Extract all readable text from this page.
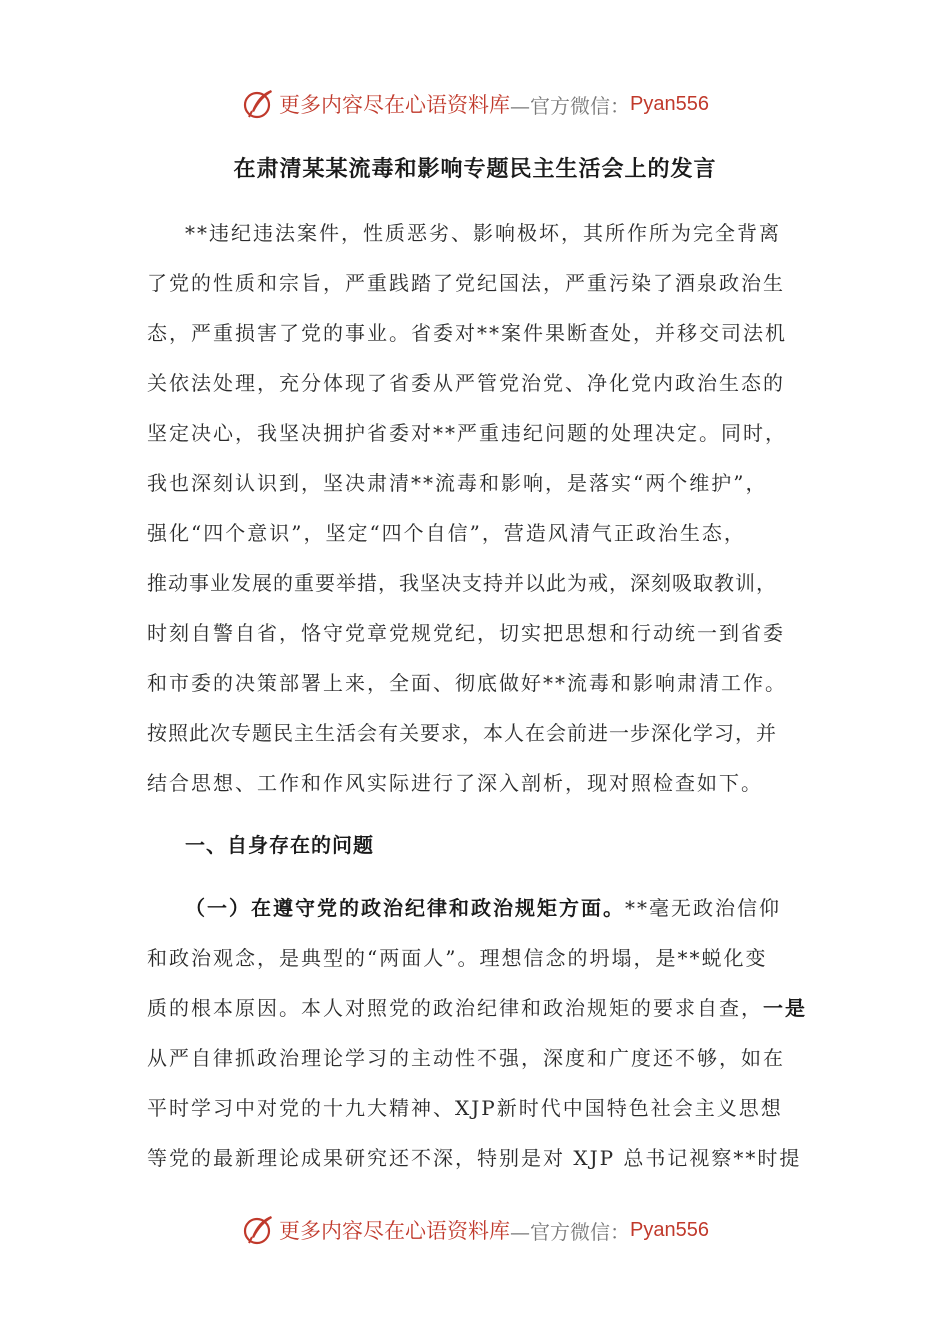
更多内容尽在心语资料库 —官方微信： Pyan556
在肃清某某流毒和影响专题民主生活会上的发言
**违纪违法案件，性质恶劣、影响极坏，其所作所为完全背离
了党的性质和宗旨，严重践踏了党纪国法，严重污染了酒泉政治生
态，严重损害了党的事业。省委对**案件果断查处，并移交司法机
关依法处理，充分体现了省委从严管党治党、净化党内政治生态的
坚定决心，我坚决拥护省委对**严重违纪问题的处理决定。同时，
我也深刻认识到，坚决肃清**流毒和影响，是落实“两个维护”，
强化“四个意识”，坚定“四个自信”，营造风清气正政治生态，
推动事业发展的重要举措，我坚决支持并以此为戒，深刻吸取教训，
时刻自警自省，恪守党章党规党纪，切实把思想和行动统一到省委
和市委的决策部署上来，全面、彻底做好**流毒和影响肃清工作。
按照此次专题民主生活会有关要求，本人在会前进一步深化学习，并
结合思想、工作和作风实际进行了深入剖析，现对照检查如下。
一、自身存在的问题
（一）在遵守党的政治纪律和政治规矩方面。**毫无政治信仰
和政治观念，是典型的“两面人”。理想信念的坍塌，是**蜕化变
质的根本原因。本人对照党的政治纪律和政治规矩的要求自查，一是
从严自律抓政治理论学习的主动性不强，深度和广度还不够，如在
平时学习中对党的十九大精神、XJP新时代中国特色社会主义思想
等党的最新理论成果研究还不深，特别是对 XJP 总书记视察**时提
更多内容尽在心语资料库 —官方微信： Pyan556
